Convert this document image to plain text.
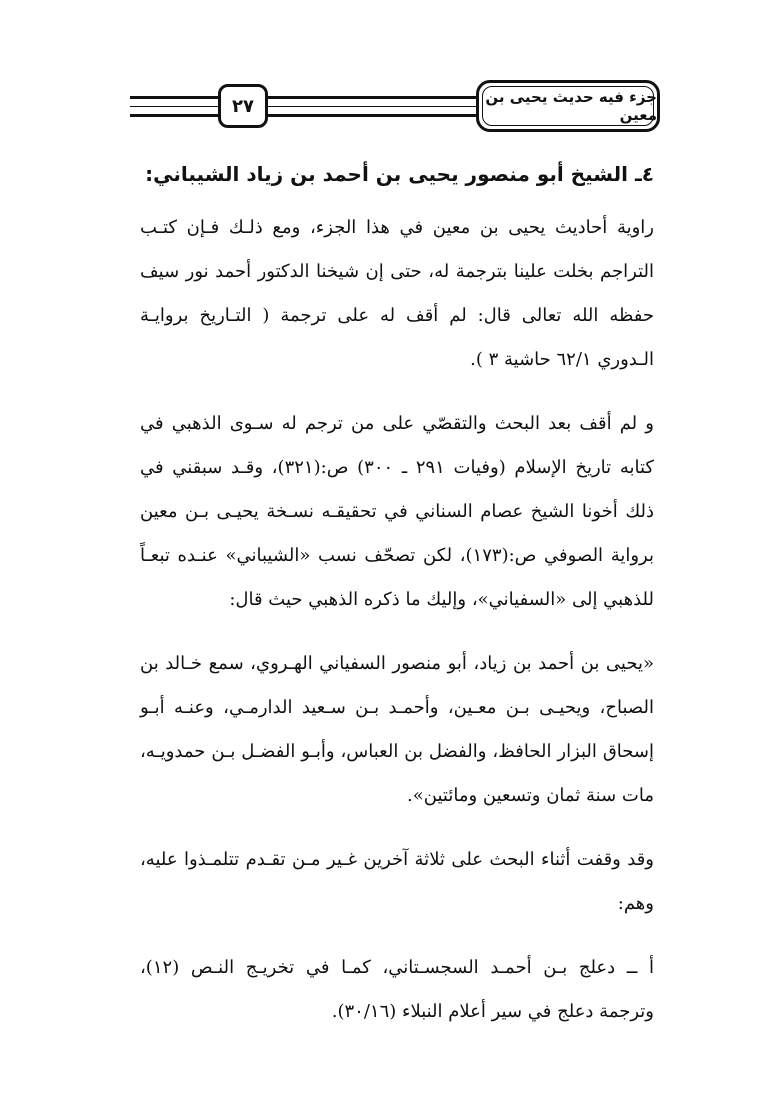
٢٧	جزء فيه حديث يحيى بن معين
٤ـ الشيخ أبو منصور يحيى بن أحمد بن زياد الشيباني:

راوية أحاديث يحيى بن معين في هذا الجزء، ومع ذلـك فـإن كتـب التراجم بخلت علينا بترجمة له، حتى إن شيخنا الدكتور أحمد نور سيف حفظه الله تعالى قال: لم أقف له على ترجمة ( التـاريخ بروايـة الـدوري ٦٢/١ حاشية ٣ ).

و لم أقف بعد البحث والتقصّي على من ترجم له سـوى الذهبي في كتابه تاريخ الإسلام (وفيات ٢٩١ ـ ٣٠٠) ص:(٣٢١)، وقـد سبقني في ذلك أخونا الشيخ عصام السناني في تحقيقـه نسـخة يحيـى بـن معين برواية الصوفي ص:(١٧٣)، لكن تصحّف نسب «الشيباني» عنـده تبعـاً للذهبي إلى «السفياني»، وإليك ما ذكره الذهبي حيث قال:

«يحيى بن أحمد بن زياد، أبو منصور السفياني الهـروي، سمع خـالد بن الصباح، ويحيـى بـن معـين، وأحمـد بـن سـعيد الدارمـي، وعنـه أبـو إسحاق البزار الحافظ، والفضل بن العباس، وأبـو الفضـل بـن حمدويـه، مات سنة ثمان وتسعين ومائتين».

وقد وقفت أثناء البحث على ثلاثة آخرين غـير مـن تقـدم تتلمـذوا عليه، وهم:

أ ــ دعلج بـن أحمـد السجسـتاني، كمـا في تخريـج النـص (١٢)، وترجمة دعلج في سير أعلام النبلاء (٣٠/١٦).
